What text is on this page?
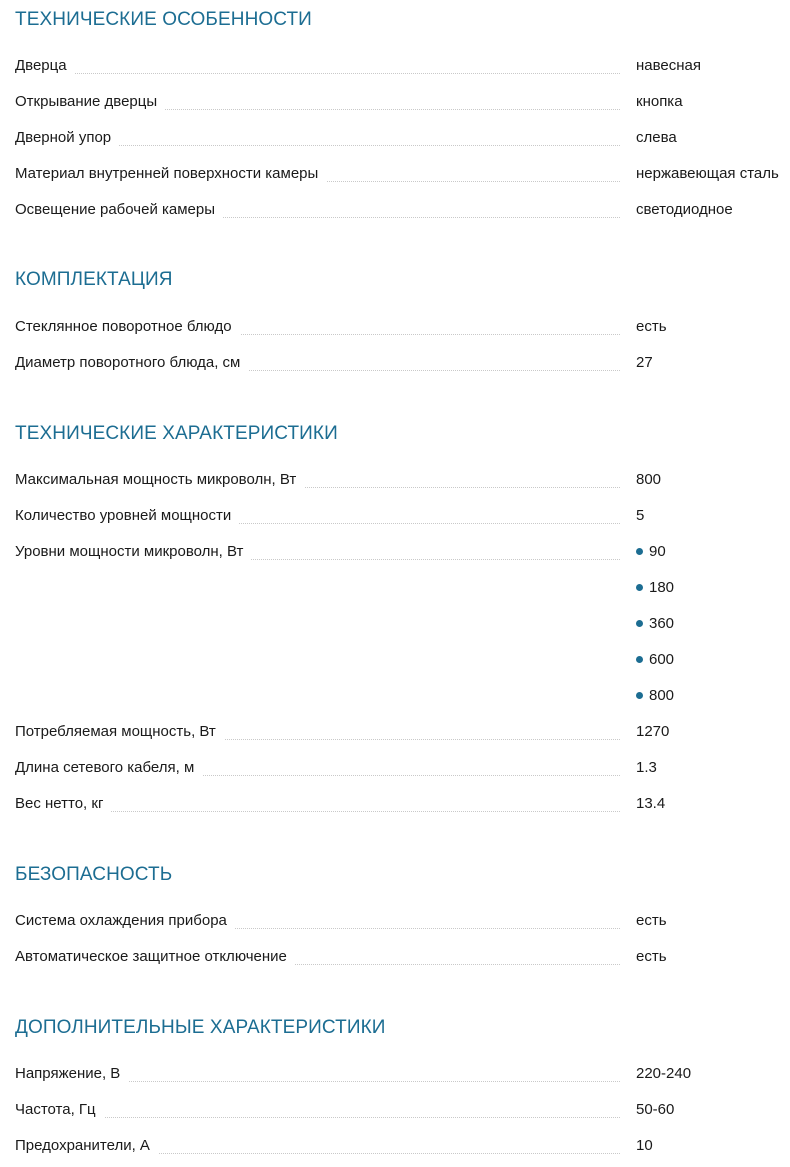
ТЕХНИЧЕСКИЕ ОСОБЕННОСТИ
Дверца	навесная
Открывание дверцы	кнопка
Дверной упор	слева
Материал внутренней поверхности камеры	нержавеющая сталь
Освещение рабочей камеры	светодиодное
КОМПЛЕКТАЦИЯ
Стеклянное поворотное блюдо	есть
Диаметр поворотного блюда, см	27
ТЕХНИЧЕСКИЕ ХАРАКТЕРИСТИКИ
Максимальная мощность микроволн, Вт	800
Количество уровней мощности	5
Уровни мощности микроволн, Вт	90
180
360
600
800
Потребляемая мощность, Вт	1270
Длина сетевого кабеля, м	1.3
Вес нетто, кг	13.4
БЕЗОПАСНОСТЬ
Система охлаждения прибора	есть
Автоматическое защитное отключение	есть
ДОПОЛНИТЕЛЬНЫЕ ХАРАКТЕРИСТИКИ
Напряжение, В	220-240
Частота, Гц	50-60
Предохранители, А	10
